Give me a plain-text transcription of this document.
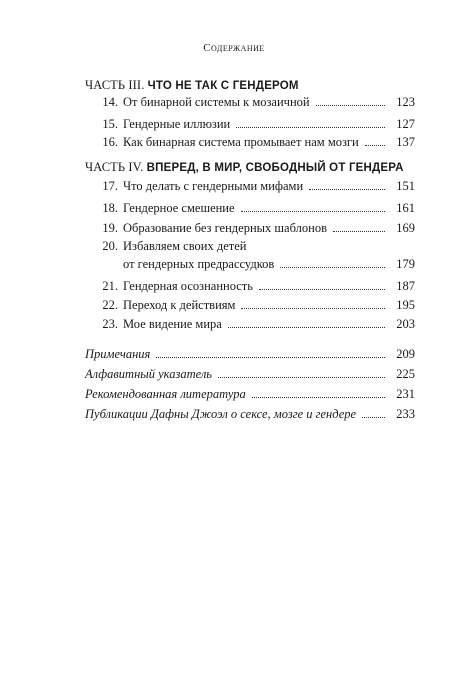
Содержание
ЧАСТЬ III. ЧТО НЕ ТАК С ГЕНДЕРОМ
14. От бинарной системы к мозаичной	123
15. Гендерные иллюзии	127
16. Как бинарная система промывает нам мозги	137
ЧАСТЬ IV. ВПЕРЕД, В МИР, СВОБОДНЫЙ ОТ ГЕНДЕРА
17. Что делать с гендерными мифами	151
18. Гендерное смешение	161
19. Образование без гендерных шаблонов	169
20. Избавляем своих детей
от гендерных предрассудков	179
21. Гендерная осознанность	187
22. Переход к действиям	195
23. Мое видение мира	203
Примечания	209
Алфавитный указатель	225
Рекомендованная литература	231
Публикации Дафны Джоэл о сексе, мозге и гендере	233
